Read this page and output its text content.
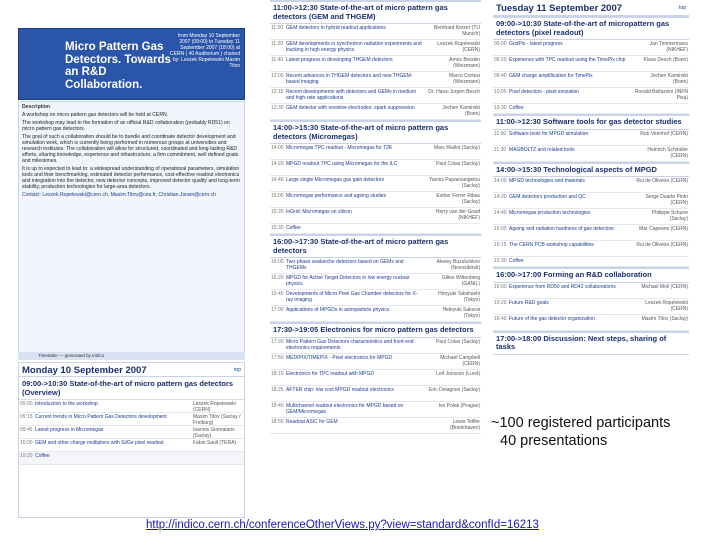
Micro Pattern Gas Detectors. Towards an R&D Collaboration.
from Monday 10 September 2007 (09:00) to Tuesday 11 September 2007 (18:00) at CERN ( 40 Auditorium ) chaired by: Leszek Ropelewski Maxim Titov

Description

A workshop on micro pattern gas detectors will be held at CERN.

The workshop may lead to the formation of an official R&D collaboration (probably RD51) on micro pattern gas detectors.

The goal of such a collaboration should be to bundle and coordinate detector development and simulation work, which is currently being performed in numerous groups at universities and research institutes. The collaboration will allow for structured, coordinated and long-lasting R&D efforts, sharing knowledge, experience and infrastructure, a firm commitment, well defined goals and milestones.

It is up to expected to lead to: a widespread understanding of operational parameters, simulation tools and their benchmarking, estimated detector performance, cost-effective readout electronics and integration into the detector, new detector concepts, improved detector quality and long-term stability, production technologies for large-area detectors.

Contact: Leszek.Ropelewski@cern.ch, Maxim.Titov@cea.fr, Christian.Joram@cern.ch

Timetable — generated by Indico
Monday 10 September 2007	top
09:00->10:30 State-of-the-art of micro pattern gas detectors (Overview)
09:00 Introduction to the workshop	Leszek Ropelewski (CERN)
09:15 Current trends in Micro Pattern Gas Detectors development	Maxim Titov (Saclay / Freiburg)
09:45 Latest progress in Micromegas	Ioannis Giomataris (Saclay)
10:00 GEM and other charge multipliers with Si/Ge pixel readout	Fabio Sauli (TERA)
10:20 Coffee
11:00->12:30 State-of-the-art of micro pattern gas detectors (GEM and THGEM)
11:00 GEM detectors in hybrid readout applications	Bernhard Ketzer (TU Munich)
11:20 GEM developments in synchrotron radiation experiments and tracking in high energy physics
Leszek Ropelewski (CERN)
11:40 Latest progress in developing THGEM detectors	Amos Breskin (Weizmann)
12:00 Recent advances in THGEM detectors and new THGEM-based imaging
Marco Cortesi (Weizmann)
12:15 Recent developments with detectors and GEMs in medium and high-rate applications
Dr. Hans-Jurgen Besch
12:30 GEM detector with resistive electrodes: spark suppression	Jochen Kaminski (Bonn)
14:00->15:30 State-of-the-art of micro pattern gas detectors (Micromegas)
14:00 Micromegas TPC readout - Micromegas for T2K	Marc Riallot (Saclay)
14:20 MPGD readout TPC using Micromegas for the ILC	Paul Colas (Saclay)
14:40 Large single Micromegas gas gain detectors	Yannis Papaevangelou (Saclay)
15:00 Micromegas performance and ageing studies	Esther Ferrer Ribas (Saclay)
15:20 InGrid: Micromegas on silicon	Harry van der Graaf (NIKHEF)
15:30 Coffee
16:00->17:30 State-of-the-art of micro pattern gas detectors
16:00 Two-phase avalanche detectors based on GEMs and THGEMs
Alexey Buzulutskov (Novosibirsk)
16:20 MPGD for Active Target Detectors in low energy nuclear physics
Gilles Wittenberg (GANIL)
16:40 Developments of Micro Pixel Gas Chamber detectors for X-ray imaging
Hiroyuki Takahashi (Tokyo)
17:00 Applications of MPGDs in astroparticle physics	Hideyuki Sakurai (Tokyo)
17:30->19:05 Electronics for micro pattern gas detectors
17:30 Micro Pattern Gas Detectors characteristics and front-end electronics requirements
Paul Colas (Saclay)
17:50 MEDIPIX/TIMEPIX - Pixel electronics for MPGD	Michael Campbell (CERN)
18:10 Electronics for TPC readout with MPGD	Leif Jonsson (Lund)
18:25 AFTER chip: low cost MPGD readout electronics	Eric Delagnes (Saclay)
18:40 Multichannel readout electronics for MPGD based on GEM/Micromegas
Ivo Polak (Prague)
18:55 Readout ASIC for GEM	Lewis Tellfer (Brookhaven)
Tuesday 11 September 2007	top
09:00->10:30 State-of-the-art of micropattern gas detectors (pixel readout)
09:00 GridPix - latest progress	Jan Timmermans (NIKHEF)
09:20 Experience with TPC readout using the TimePix chip	Klaus Desch (Bonn)
09:40 GEM charge amplification for TimePix	Jochen Kaminski (Bonn)
10:00 Pixel detectors - pixel ionization	Ronald Bellazzini (INFN Pisa)
10:30 Coffee
11:00->12:30 Software tools for gas detector studies
11:00 Software tools for MPGD simulation	Rob Veenhof (CERN)
11:30 MAGBOLTZ and related tools	Heinrich Schindler (CERN)
14:00->15:30 Technological aspects of MPGD
14:00 MPGD technologies and materials	Rui de Oliveira (CERN)
14:20 GEM detectors production and QC	Serge Duarte Pinto (CERN)
14:40 Micromegas production technologies	Philippe Schune (Saclay)
15:00 Ageing and radiation hardness of gas detectors	Mar Capeans (CERN)
15:15 The CERN PCB workshop capabilities	Rui de Oliveira (CERN)
15:30 Coffee
16:00->17:00 Forming an R&D collaboration
16:00 Experience from RD50 and RD42 collaborations	Michael Moll (CERN)
16:20 Future R&D goals	Leszek Ropelewski (CERN)
16:40 Future of the gas detector organization	Maxim Titov (Saclay)
17:00->18:00 Discussion: Next steps, sharing of tasks
~100 registered participants
40 presentations
http://indico.cern.ch/conferenceOtherViews.py?view=standard&confId=16213
